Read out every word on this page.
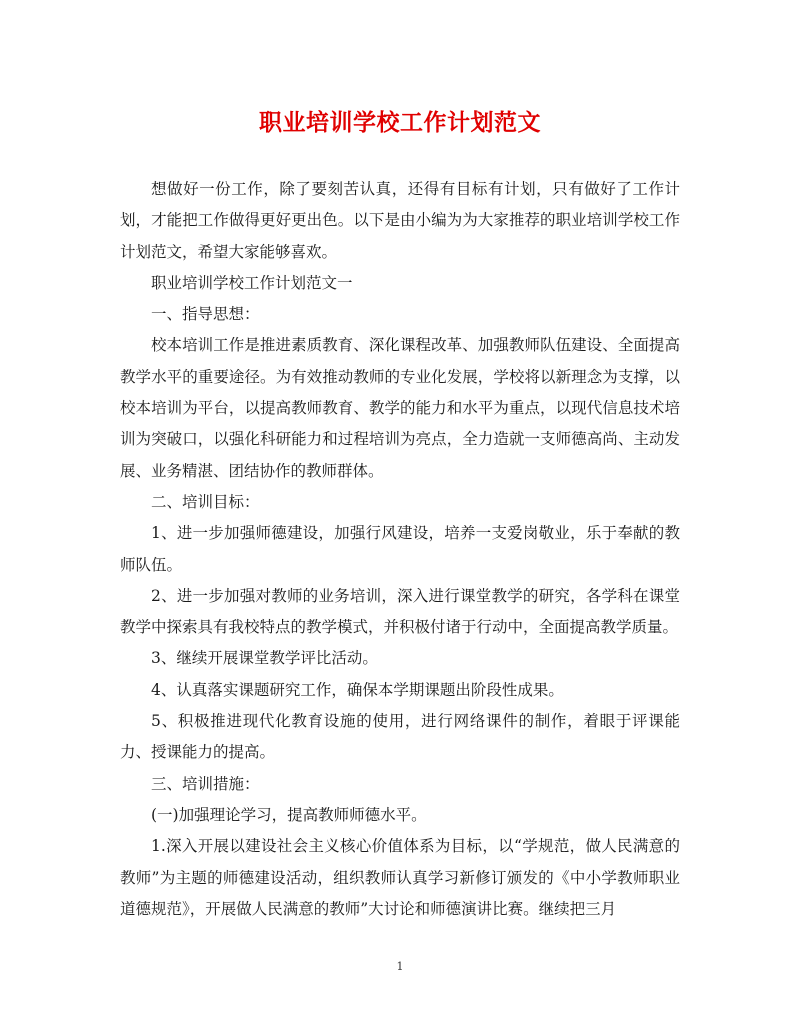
职业培训学校工作计划范文

想做好一份工作，除了要刻苦认真，还得有目标有计划，只有做好了工作计划，才能把工作做得更好更出色。以下是由小编为为大家推荐的职业培训学校工作计划范文，希望大家能够喜欢。

职业培训学校工作计划范文一

一、指导思想：

校本培训工作是推进素质教育、深化课程改革、加强教师队伍建设、全面提高教学水平的重要途径。为有效推动教师的专业化发展，学校将以新理念为支撑，以校本培训为平台，以提高教师教育、教学的能力和水平为重点，以现代信息技术培训为突破口，以强化科研能力和过程培训为亮点，全力造就一支师德高尚、主动发展、业务精湛、团结协作的教师群体。

二、培训目标：

1、进一步加强师德建设，加强行风建设，培养一支爱岗敬业，乐于奉献的教师队伍。

2、进一步加强对教师的业务培训，深入进行课堂教学的研究，各学科在课堂教学中探索具有我校特点的教学模式，并积极付诸于行动中，全面提高教学质量。

3、继续开展课堂教学评比活动。

4、认真落实课题研究工作，确保本学期课题出阶段性成果。

5、积极推进现代化教育设施的使用，进行网络课件的制作，着眼于评课能力、授课能力的提高。

三、培训措施：

(一)加强理论学习，提高教师师德水平。

1.深入开展以建设社会主义核心价值体系为目标，以“学规范，做人民满意的教师”为主题的师德建设活动，组织教师认真学习新修订颁发的《中小学教师职业道德规范》，开展做人民满意的教师”大讨论和师德演讲比赛。继续把三月

1
